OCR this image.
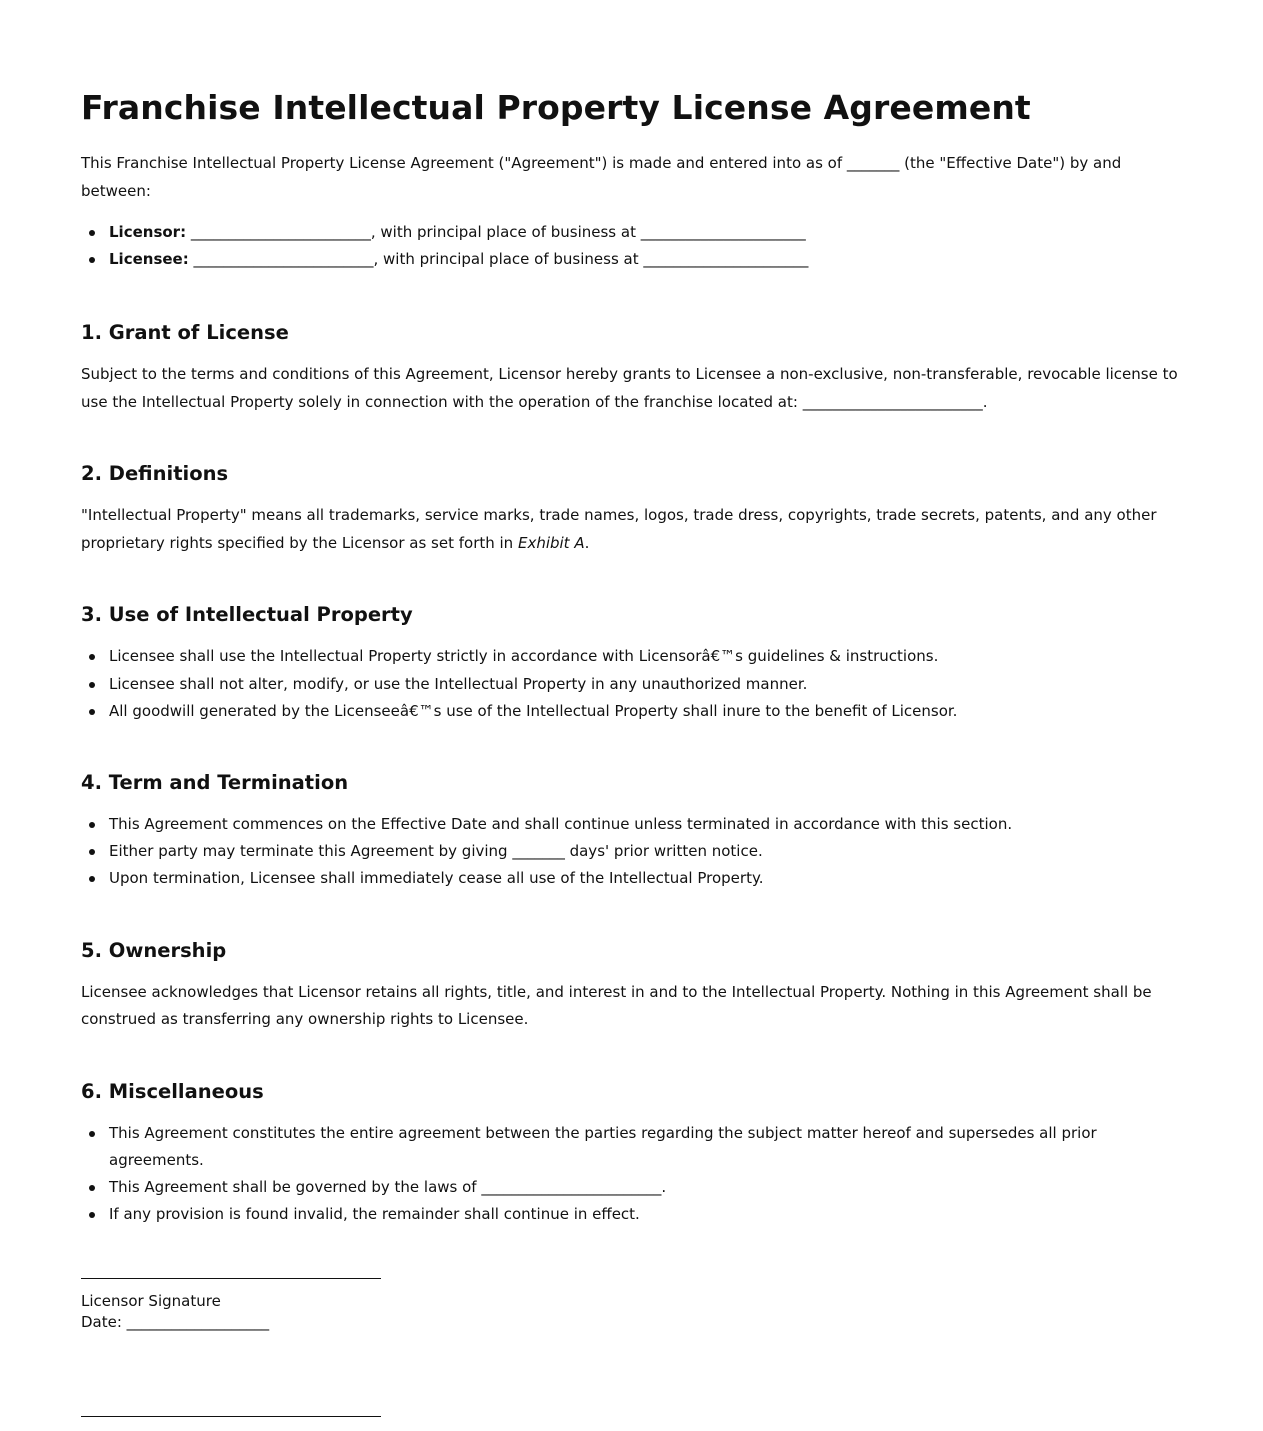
Franchise Intellectual Property License Agreement

This Franchise Intellectual Property License Agreement ("Agreement") is made and entered into as of _______ (the "Effective Date") by and between:

Licensor: ________________________, with principal place of business at ______________________
Licensee: ________________________, with principal place of business at ______________________
1. Grant of License

Subject to the terms and conditions of this Agreement, Licensor hereby grants to Licensee a non-exclusive, non-transferable, revocable license to use the Intellectual Property solely in connection with the operation of the franchise located at: ________________________.

2. Definitions

"Intellectual Property" means all trademarks, service marks, trade names, logos, trade dress, copyrights, trade secrets, patents, and any other proprietary rights specified by the Licensor as set forth in Exhibit A.

3. Use of Intellectual Property
Licensee shall use the Intellectual Property strictly in accordance with Licensorâ€™s guidelines & instructions.
Licensee shall not alter, modify, or use the Intellectual Property in any unauthorized manner.
All goodwill generated by the Licenseeâ€™s use of the Intellectual Property shall inure to the benefit of Licensor.
4. Term and Termination
This Agreement commences on the Effective Date and shall continue unless terminated in accordance with this section.
Either party may terminate this Agreement by giving _______ days' prior written notice.
Upon termination, Licensee shall immediately cease all use of the Intellectual Property.
5. Ownership

Licensee acknowledges that Licensor retains all rights, title, and interest in and to the Intellectual Property. Nothing in this Agreement shall be construed as transferring any ownership rights to Licensee.

6. Miscellaneous
This Agreement constitutes the entire agreement between the parties regarding the subject matter hereof and supersedes all prior agreements.
This Agreement shall be governed by the laws of ________________________.
If any provision is found invalid, the remainder shall continue in effect.
Licensor Signature
Date: ___________________
